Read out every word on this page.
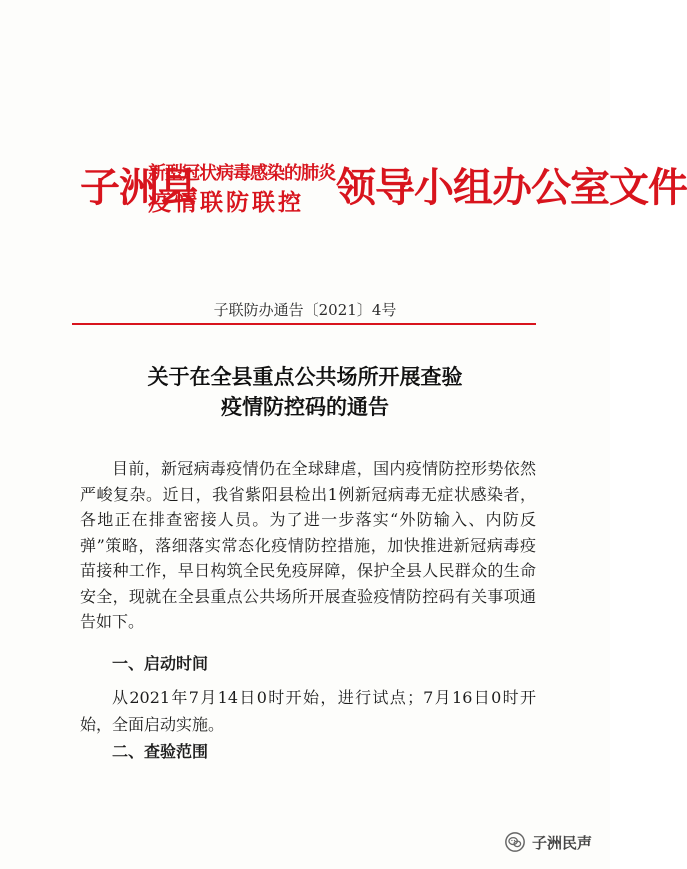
子洲县
新型冠状病毒感染的肺炎
疫情联防联控 领导小组办公室文件
子联防办通告〔2021〕4号
关于在全县重点公共场所开展查验
疫情防控码的通告

目前，新冠病毒疫情仍在全球肆虐，国内疫情防控形势依然严峻复杂。近日，我省紫阳县检出1例新冠病毒无症状感染者，各地正在排查密接人员。为了进一步落实“外防输入、内防反弹”策略，落细落实常态化疫情防控措施，加快推进新冠病毒疫苗接种工作，早日构筑全民免疫屏障，保护全县人民群众的生命安全，现就在全县重点公共场所开展查验疫情防控码有关事项通告如下。

一、启动时间

从2021年7月14日0时开始，进行试点；7月16日0时开始，全面启动实施。

二、查验范围
子洲民声
